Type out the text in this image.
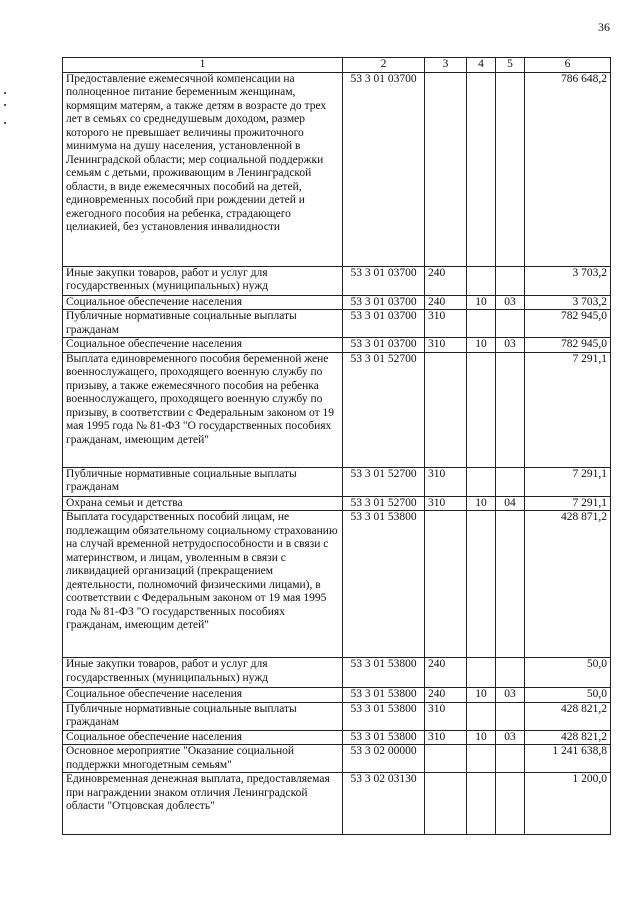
36
1	2	3	4	5	6
Предоставление ежемесячной компенсации на полноценное питание беременным женщинам, кормящим матерям, а также детям в возрасте до трех лет в семьях со среднедушевым доходом, размер которого не превышает величины прожиточного минимума на душу населения, установленной в Ленинградской области; мер социальной поддержки семьям с детьми, проживающим в Ленинградской области, в виде ежемесячных пособий на детей, единовременных пособий при рождении детей и ежегодного пособия на ребенка, страдающего целиакией, без установления инвалидности	53 3 01 03700				786 648,2
Иные закупки товаров, работ и услуг для государственных (муниципальных) нужд	53 3 01 03700	240			3 703,2
Социальное обеспечение населения	53 3 01 03700	240	10	03	3 703,2
Публичные нормативные социальные выплаты гражданам	53 3 01 03700	310			782 945,0
Социальное обеспечение населения	53 3 01 03700	310	10	03	782 945,0
Выплата единовременного пособия беременной жене военнослужащего, проходящего военную службу по призыву, а также ежемесячного пособия на ребенка военнослужащего, проходящего военную службу по призыву, в соответствии с Федеральным законом от 19 мая 1995 года № 81-ФЗ "О государственных пособиях гражданам, имеющим детей"	53 3 01 52700				7 291,1
Публичные нормативные социальные выплаты гражданам	53 3 01 52700	310			7 291,1
Охрана семьи и детства	53 3 01 52700	310	10	04	7 291,1
Выплата государственных пособий лицам, не подлежащим обязательному социальному страхованию на случай временной нетрудоспособности и в связи с материнством, и лицам, уволенным в связи с ликвидацией организаций (прекращением деятельности, полномочий физическими лицами), в соответствии с Федеральным законом от 19 мая 1995 года № 81-ФЗ "О государственных пособиях гражданам, имеющим детей"	53 3 01 53800				428 871,2
Иные закупки товаров, работ и услуг для государственных (муниципальных) нужд	53 3 01 53800	240			50,0
Социальное обеспечение населения	53 3 01 53800	240	10	03	50,0
Публичные нормативные социальные выплаты гражданам	53 3 01 53800	310			428 821,2
Социальное обеспечение населения	53 3 01 53800	310	10	03	428 821,2
Основное мероприятие "Оказание социальной поддержки многодетным семьям"	53 3 02 00000				1 241 638,8
Единовременная денежная выплата, предоставляемая при награждении знаком отличия Ленинградской области "Отцовская доблесть"	53 3 02 03130				1 200,0
